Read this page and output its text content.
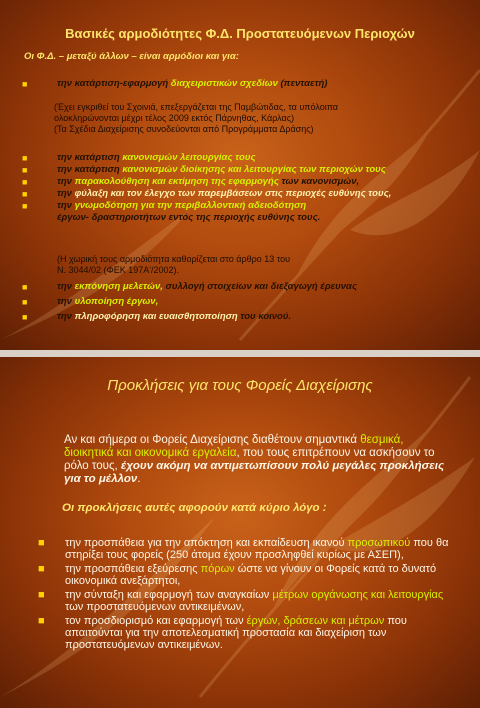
Βασικές αρμοδιότητες Φ.Δ. Προστατευόμενων Περιοχών
Οι Φ.Δ. – μεταξύ άλλων – είναι αρμόδιοι και για:
■	την κατάρτιση-εφαρμογή διαχειριστικών σχεδίων (πενταετή)
(Έχει εγκριθεί του Σχοινιά, επεξεργάζεται της Παμβώτιδας, τα υπόλοιπα
ολοκληρώνονται μέχρι τέλος 2009 εκτός Πάρνηθας, Κάρλας)
(Τα Σχέδια Διαχείρισης συνοδεύονται από Προγράμματα Δράσης)
■	την κατάρτιση κανονισμών λειτουργίας τους
■	την κατάρτιση κανονισμών διοίκησης και λειτουργίας των περιοχών τους
■	την παρακολούθηση και εκτίμηση της εφαρμογής των κανονισμών,
■	την φύλαξη και τον έλεγχο των παρεμβάσεων στις περιοχές ευθύνης τους,
■	την γνωμοδότηση για την περιβαλλοντική αδειοδότηση
έργων- δραστηριοτήτων εντός της περιοχής ευθύνης τους.
(Η χωρική τους αρμοδιότητα καθορίζεται στο άρθρο 13 του
Ν. 3044/02 (ΦΕΚ 197Α'/2002).
■	την εκπόνηση μελετών, συλλογή στοιχείων και διεξαγωγή έρευνας
■	την υλοποίηση έργων,
■	την πληροφόρηση και ευαισθητοποίηση του κοινού.
Προκλήσεις για τους Φορείς Διαχείρισης
Αν και σήμερα οι Φορείς Διαχείρισης διαθέτουν σημαντικά θεσμικά, διοικητικά και οικονομικά εργαλεία, που τους επιτρέπουν να ασκήσουν το ρόλο τους, έχουν ακόμη να αντιμετωπίσουν πολύ μεγάλες προκλήσεις για το μέλλον.
Οι προκλήσεις αυτές αφορούν κατά κύριο λόγο :
■ την προσπάθεια για την απόκτηση και εκπαίδευση ικανού προσωπικού που θα στηρίξει τους φορείς (250 άτομα έχουν προσληφθεί κυρίως με ΑΣΕΠ),
■ την προσπάθεια εξεύρεσης πόρων ώστε να γίνουν οι Φορείς κατά το δυνατό οικονομικά ανεξάρτητοι,
■ την σύνταξη και εφαρμογή των αναγκαίων μέτρων οργάνωσης και λειτουργίας των προστατευόμενων αντικειμένων,
■ τον προσδιορισμό και εφαρμογή των έργων, δράσεων και μέτρων που απαιτούνται για την αποτελεσματική προστασία και διαχείριση των προστατευόμενων αντικειμένων.
